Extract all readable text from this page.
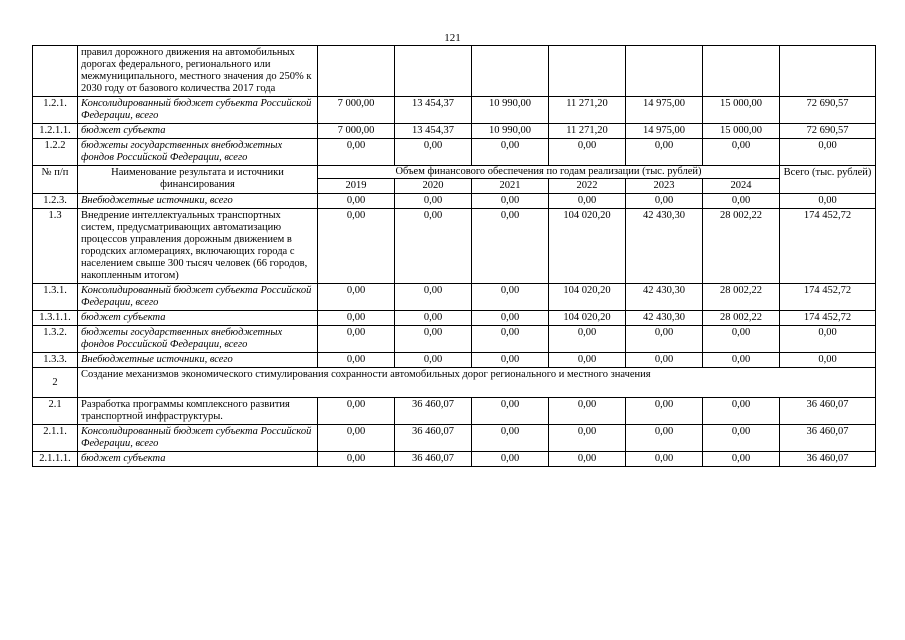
121
	правил дорожного движения на автомобильных дорогах федерального, регионального или межмуниципального, местного значения до 250% к 2030 году от базового количества 2017 года							
1.2.1.	Консолидированный бюджет субъекта Российской Федерации, всего	7 000,00	13 454,37	10 990,00	11 271,20	14 975,00	15 000,00	72 690,57
1.2.1.1.	бюджет субъекта	7 000,00	13 454,37	10 990,00	11 271,20	14 975,00	15 000,00	72 690,57
1.2.2	бюджеты государственных внебюджетных фондов Российской Федерации, всего	0,00	0,00	0,00	0,00	0,00	0,00	0,00
№ п/п	Наименование результата и источники финансирования	Объем финансового обеспечения по годам реализации (тыс. рублей)						Всего (тыс. рублей)
		2019	2020	2021	2022	2023	2024	
1.2.3.	Внебюджетные источники, всего	0,00	0,00	0,00	0,00	0,00	0,00	0,00
1.3	Внедрение интеллектуальных транспортных систем, предусматривающих автоматизацию процессов управления дорожным движением в городских агломерациях, включающих города с населением свыше 300 тысяч человек (66 городов, накопленным итогом)	0,00	0,00	0,00	104 020,20	42 430,30	28 002,22	174 452,72
1.3.1.	Консолидированный бюджет субъекта Российской Федерации, всего	0,00	0,00	0,00	104 020,20	42 430,30	28 002,22	174 452,72
1.3.1.1.	бюджет субъекта	0,00	0,00	0,00	104 020,20	42 430,30	28 002,22	174 452,72
1.3.2.	бюджеты государственных внебюджетных фондов Российской Федерации, всего	0,00	0,00	0,00	0,00	0,00	0,00	0,00
1.3.3.	Внебюджетные источники, всего	0,00	0,00	0,00	0,00	0,00	0,00	0,00
2	Создание механизмов экономического стимулирования сохранности автомобильных дорог регионального и местного значения							
2.1	Разработка программы комплексного развития транспортной инфраструктуры.	0,00	36 460,07	0,00	0,00	0,00	0,00	36 460,07
2.1.1.	Консолидированный бюджет субъекта Российской Федерации, всего	0,00	36 460,07	0,00	0,00	0,00	0,00	36 460,07
2.1.1.1.	бюджет субъекта	0,00	36 460,07	0,00	0,00	0,00	0,00	36 460,07
